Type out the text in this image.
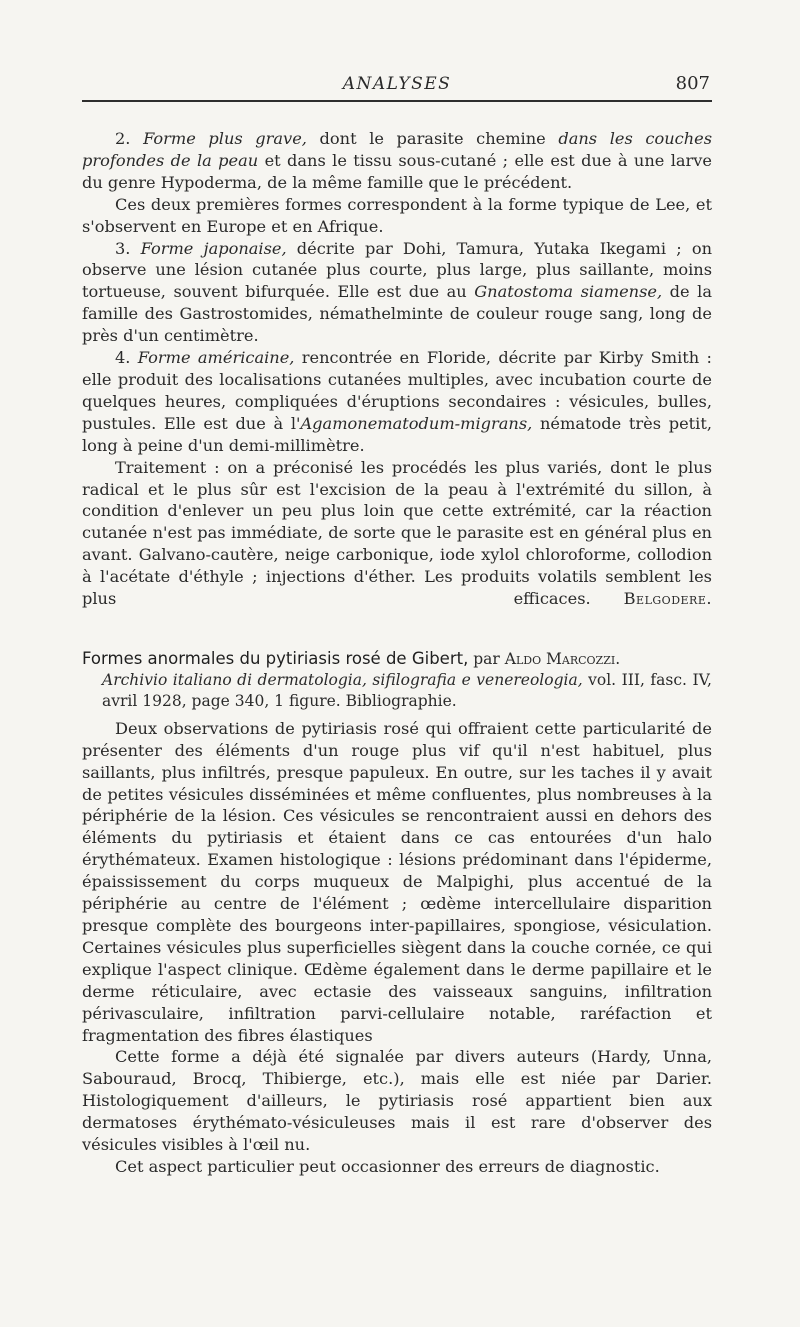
ANALYSES	807

2. Forme plus grave, dont le parasite chemine dans les couches profondes de la peau et dans le tissu sous-cutané ; elle est due à une larve du genre Hypoderma, de la même famille que le précédent.

Ces deux premières formes correspondent à la forme typique de Lee, et s'observent en Europe et en Afrique.

3. Forme japonaise, décrite par Dohi, Tamura, Yutaka Ikegami ; on observe une lésion cutanée plus courte, plus large, plus saillante, moins tortueuse, souvent bifurquée. Elle est due au Gnatostoma siamense, de la famille des Gastrostomides, némathelminte de couleur rouge sang, long de près d'un centimètre.

4. Forme américaine, rencontrée en Floride, décrite par Kirby Smith : elle produit des localisations cutanées multiples, avec incubation courte de quelques heures, compliquées d'éruptions secondaires : vésicules, bulles, pustules. Elle est due à l'Agamonematodum-migrans, nématode très petit, long à peine d'un demi-millimètre.

Traitement : on a préconisé les procédés les plus variés, dont le plus radical et le plus sûr est l'excision de la peau à l'extrémité du sillon, à condition d'enlever un peu plus loin que cette extrémité, car la réaction cutanée n'est pas immédiate, de sorte que le parasite est en général plus en avant. Galvano-cautère, neige carbonique, iode xylol chloroforme, collodion à l'acétate d'éthyle ; injections d'éther. Les produits volatils semblent les plus efficaces.	Belgodere.

Formes anormales du pytiriasis rosé de Gibert, par Aldo Marcozzi.
Archivio italiano di dermatologia, sifilografia e venereologia, vol. III, fasc. IV, avril 1928, page 340, 1 figure. Bibliographie.

Deux observations de pytiriasis rosé qui offraient cette particularité de présenter des éléments d'un rouge plus vif qu'il n'est habituel, plus saillants, plus infiltrés, presque papuleux. En outre, sur les taches il y avait de petites vésicules disséminées et même confluentes, plus nombreuses à la périphérie de la lésion. Ces vésicules se rencontraient aussi en dehors des éléments du pytiriasis et étaient dans ce cas entourées d'un halo érythémateux. Examen histologique : lésions prédominant dans l'épiderme, épaississement du corps muqueux de Malpighi, plus accentué de la périphérie au centre de l'élément ; œdème intercellulaire disparition presque complète des bourgeons inter-papillaires, spongiose, vésiculation. Certaines vésicules plus superficielles siègent dans la couche cornée, ce qui explique l'aspect clinique. Œdème également dans le derme papillaire et le derme réticulaire, avec ectasie des vaisseaux sanguins, infiltration périvasculaire, infiltration parvi-cellulaire notable, raréfaction et fragmentation des fibres élastiques

Cette forme a déjà été signalée par divers auteurs (Hardy, Unna, Sabouraud, Brocq, Thibierge, etc.), mais elle est niée par Darier. Histologiquement d'ailleurs, le pytiriasis rosé appartient bien aux dermatoses érythémato-vésiculeuses mais il est rare d'observer des vésicules visibles à l'œil nu.

Cet aspect particulier peut occasionner des erreurs de diagnostic.
